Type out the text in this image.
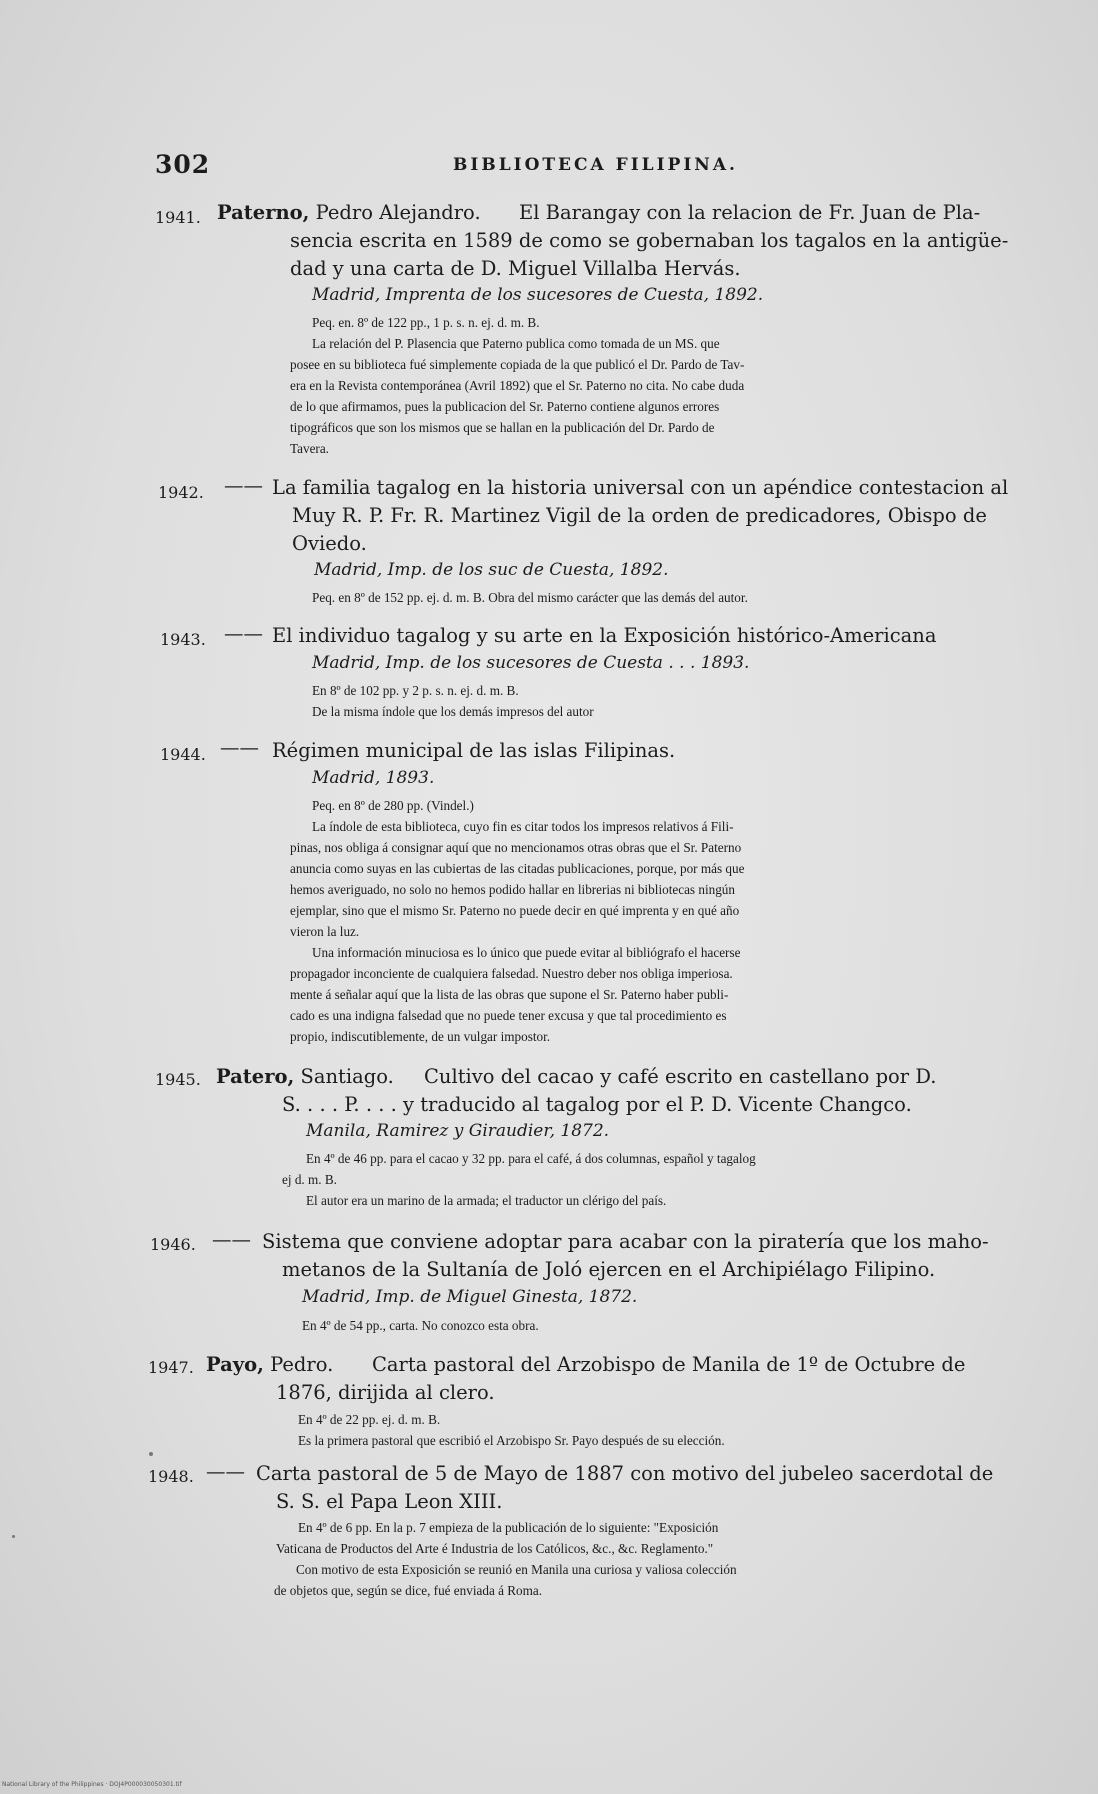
302	BIBLIOTECA FILIPINA.
1941. Paterno, Pedro Alejandro. El Barangay con la relacion de Fr. Juan de Pla-
sencia escrita en 1589 de como se gobernaban los tagalos en la antigüe-
dad y una carta de D. Miguel Villalba Hervás.
Madrid, Imprenta de los sucesores de Cuesta, 1892.
Peq. en. 8º de 122 pp., 1 p. s. n. ej. d. m. B.
La relación del P. Plasencia que Paterno publica como tomada de un MS. que
posee en su biblioteca fué simplemente copiada de la que publicó el Dr. Pardo de Tav-
era en la Revista contemporánea (Avril 1892) que el Sr. Paterno no cita. No cabe duda
de lo que afirmamos, pues la publicacion del Sr. Paterno contiene algunos errores
tipográficos que son los mismos que se hallan en la publicación del Dr. Pardo de
Tavera.
1942. —— La familia tagalog en la historia universal con un apéndice contestacion al
Muy R. P. Fr. R. Martinez Vigil de la orden de predicadores, Obispo de
Oviedo.
Madrid, Imp. de los suc de Cuesta, 1892.
Peq. en 8º de 152 pp. ej. d. m. B. Obra del mismo carácter que las demás del autor.
1943. —— El individuo tagalog y su arte en la Exposición histórico-Americana
Madrid, Imp. de los sucesores de Cuesta . . . 1893.
En 8º de 102 pp. y 2 p. s. n. ej. d. m. B.
De la misma índole que los demás impresos del autor
1944. —— Régimen municipal de las islas Filipinas.
Madrid, 1893.
Peq. en 8º de 280 pp. (Vindel.)
La índole de esta biblioteca, cuyo fin es citar todos los impresos relativos á Fili-
pinas, nos obliga á consignar aquí que no mencionamos otras obras que el Sr. Paterno
anuncia como suyas en las cubiertas de las citadas publicaciones, porque, por más que
hemos averiguado, no solo no hemos podido hallar en librerias ni bibliotecas ningún
ejemplar, sino que el mismo Sr. Paterno no puede decir en qué imprenta y en qué año
vieron la luz.
Una información minuciosa es lo único que puede evitar al bibliógrafo el hacerse
propagador inconciente de cualquiera falsedad. Nuestro deber nos obliga imperiosa.
mente á señalar aquí que la lista de las obras que supone el Sr. Paterno haber publi-
cado es una indigna falsedad que no puede tener excusa y que tal procedimiento es
propio, indiscutiblemente, de un vulgar impostor.
1945. Patero, Santiago. Cultivo del cacao y café escrito en castellano por D.
S. . . . P. . . . y traducido al tagalog por el P. D. Vicente Changco.
Manila, Ramirez y Giraudier, 1872.
En 4º de 46 pp. para el cacao y 32 pp. para el café, á dos columnas, español y tagalog
ej d. m. B.
El autor era un marino de la armada; el traductor un clérigo del país.
1946. —— Sistema que conviene adoptar para acabar con la piratería que los maho-
metanos de la Sultanía de Joló ejercen en el Archipiélago Filipino.
Madrid, Imp. de Miguel Ginesta, 1872.
En 4º de 54 pp., carta. No conozco esta obra.
1947. Payo, Pedro. Carta pastoral del Arzobispo de Manila de 1º de Octubre de
1876, dirijida al clero.
En 4º de 22 pp. ej. d. m. B.
Es la primera pastoral que escribió el Arzobispo Sr. Payo después de su elección.
1948. —— Carta pastoral de 5 de Mayo de 1887 con motivo del jubeleo sacerdotal de
S. S. el Papa Leon XIII.
En 4º de 6 pp. En la p. 7 empieza de la publicación de lo siguiente: "Exposición
Vaticana de Productos del Arte é Industria de los Católicos, &c., &c. Reglamento."
Con motivo de esta Exposición se reunió en Manila una curiosa y valiosa colección
de objetos que, según se dice, fué enviada á Roma.
National Library of the Philippines · DOJ4P000030050301.tif
